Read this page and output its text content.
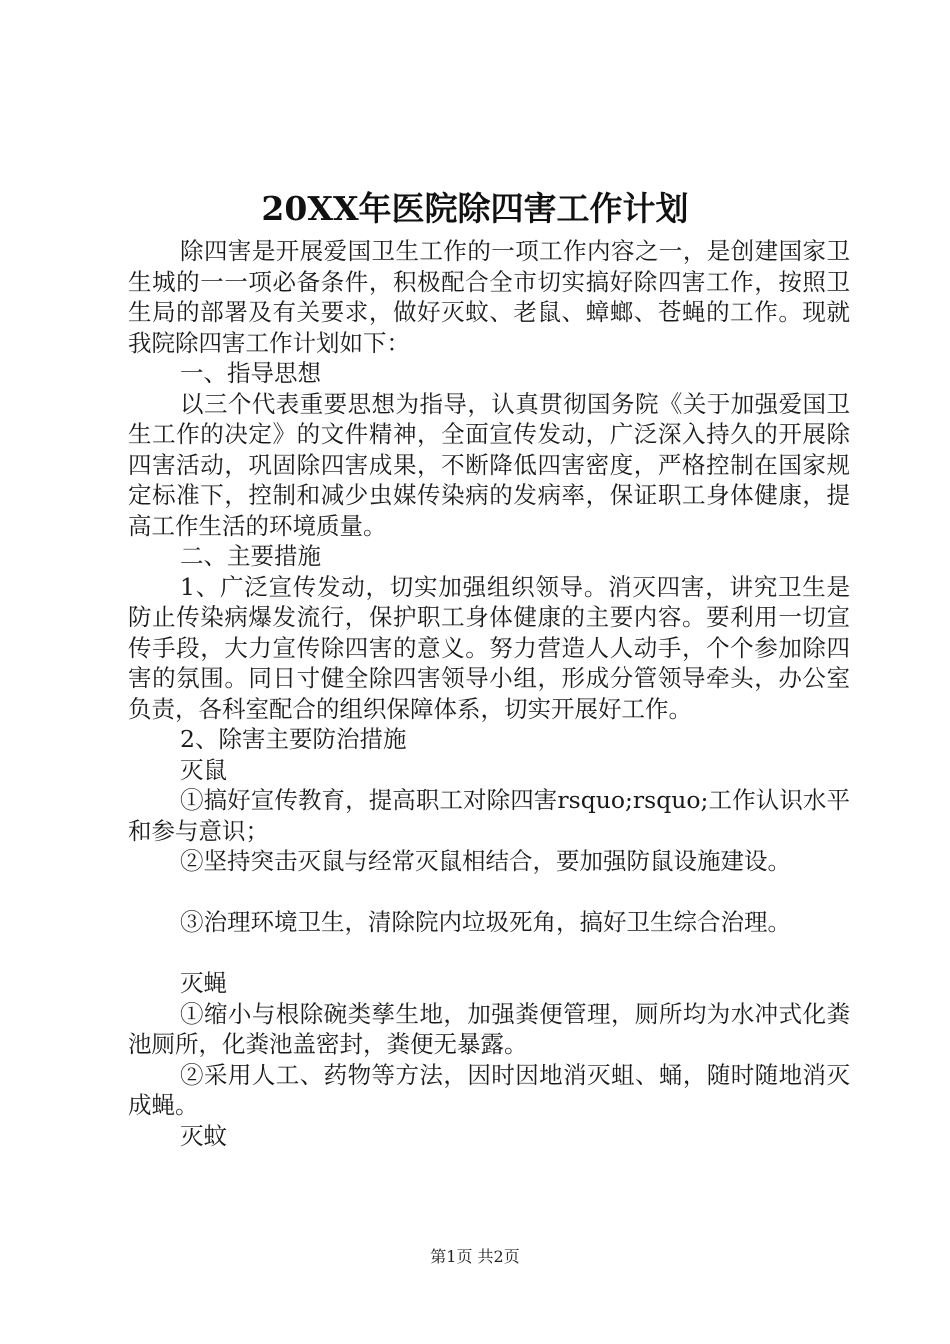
20XX年医院除四害工作计划

除四害是开展爱国卫生工作的一项工作内容之一，是创建国家卫生城的一一项必备条件，积极配合全市切实搞好除四害工作，按照卫生局的部署及有关要求，做好灭蚊、老鼠、蟑螂、苍蝇的工作。现就我院除四害工作计划如下：

一、指导思想

以三个代表重要思想为指导，认真贯彻国务院《关于加强爱国卫生工作的决定》的文件精神，全面宣传发动，广泛深入持久的开展除四害活动，巩固除四害成果，不断降低四害密度，严格控制在国家规定标准下，控制和减少虫媒传染病的发病率，保证职工身体健康，提高工作生活的环境质量。

二、主要措施

1、广泛宣传发动，切实加强组织领导。消灭四害，讲究卫生是防止传染病爆发流行，保护职工身体健康的主要内容。要利用一切宣传手段，大力宣传除四害的意义。努力营造人人动手，个个参加除四害的氛围。同日寸健全除四害领导小组，形成分管领导牵头，办公室负责，各科室配合的组织保障体系，切实开展好工作。

2、除害主要防治措施

灭鼠

①搞好宣传教育，提高职工对除四害rsquo;rsquo;工作认识水平和参与意识；

②坚持突击灭鼠与经常灭鼠相结合，要加强防鼠设施建设。

③治理环境卫生，清除院内垃圾死角，搞好卫生综合治理。

灭蝇

①缩小与根除碗类孳生地，加强粪便管理，厕所均为水冲式化粪池厕所，化粪池盖密封，粪便无暴露。

②采用人工、药物等方法，因时因地消灭蛆、蛹，随时随地消灭成蝇。

灭蚊

第1页 共2页
